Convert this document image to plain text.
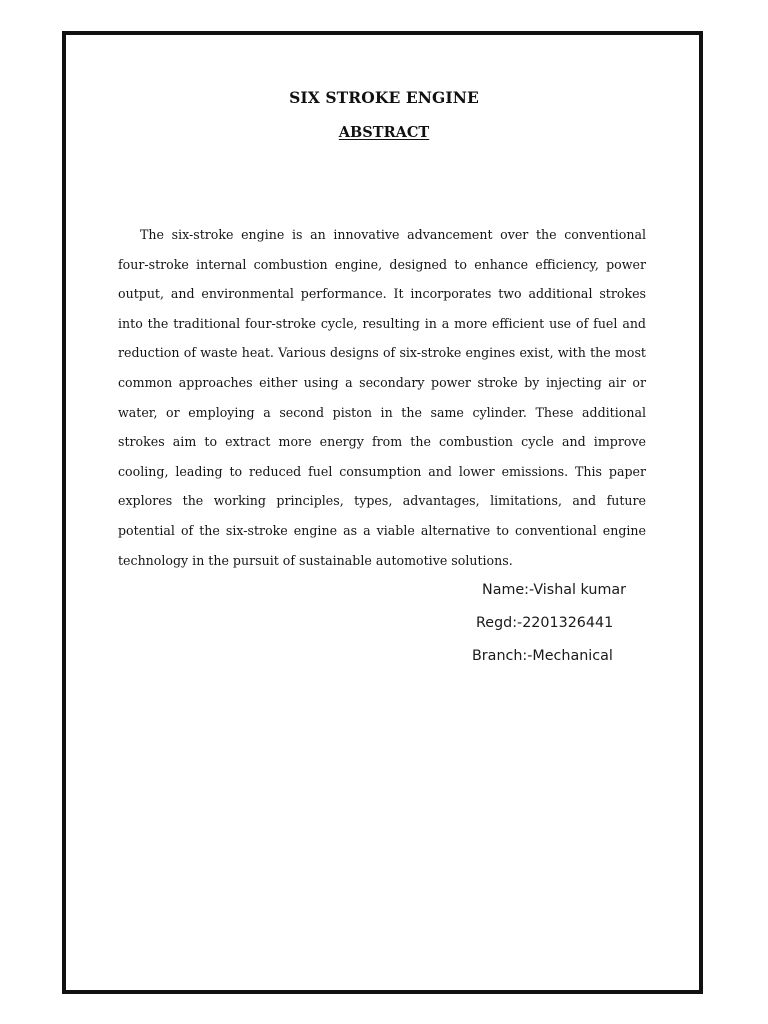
SIX STROKE ENGINE
ABSTRACT

The six-stroke engine is an innovative advancement over the conventional four-stroke internal combustion engine, designed to enhance efficiency, power output, and environmental performance. It incorporates two additional strokes into the traditional four-stroke cycle, resulting in a more efficient use of fuel and reduction of waste heat. Various designs of six-stroke engines exist, with the most common approaches either using a secondary power stroke by injecting air or water, or employing a second piston in the same cylinder. These additional strokes aim to extract more energy from the combustion cycle and improve cooling, leading to reduced fuel consumption and lower emissions. This paper explores the working principles, types, advantages, limitations, and future potential of the six-stroke engine as a viable alternative to conventional engine technology in the pursuit of sustainable automotive solutions.

Name:-Vishal kumar

Regd:-2201326441

Branch:-Mechanical
